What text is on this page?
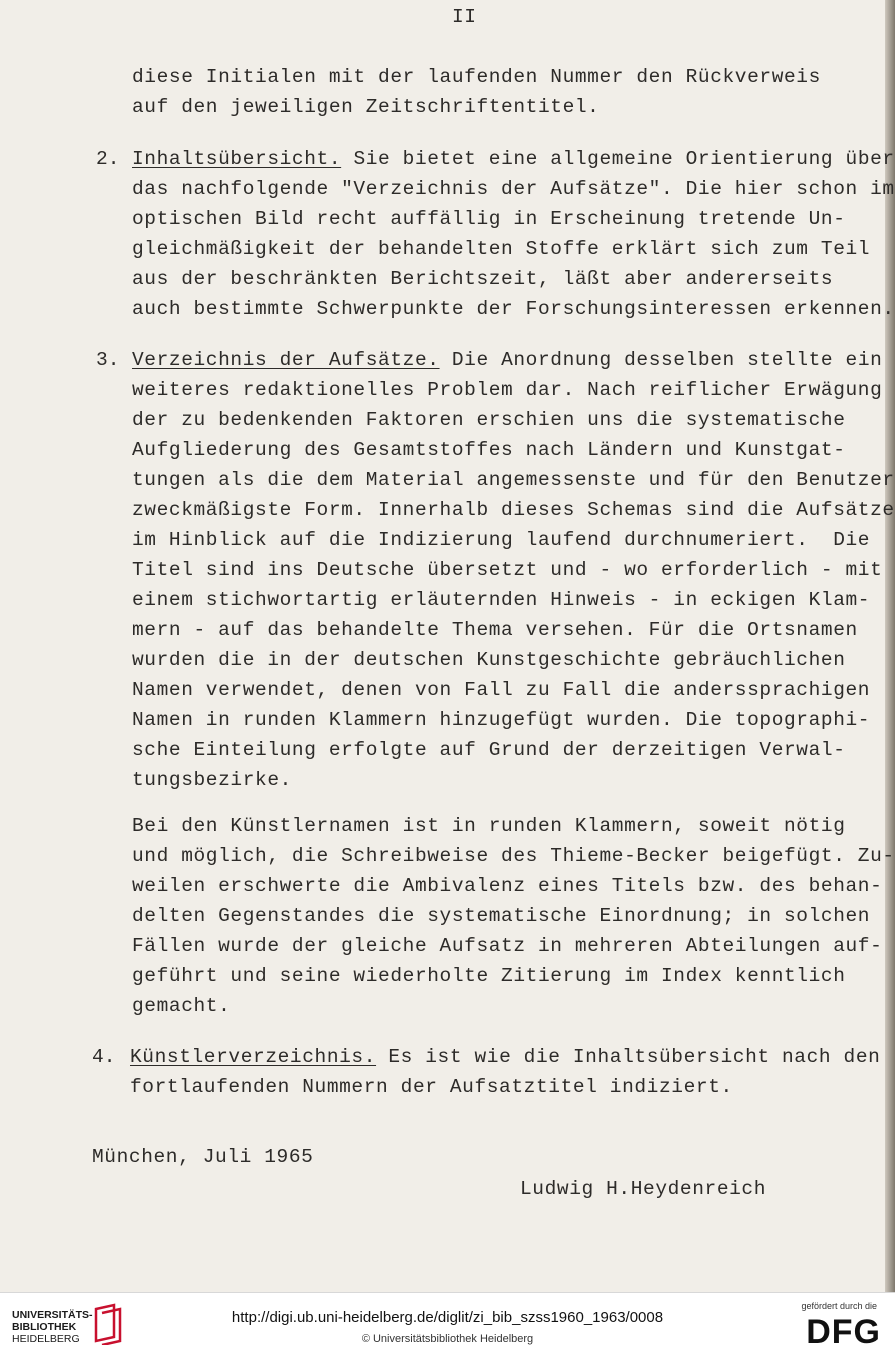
II
diese Initialen mit der laufenden Nummer den Rückverweis
auf den jeweiligen Zeitschriftentitel.
2. Inhaltsübersicht. Sie bietet eine allgemeine Orientierung über
das nachfolgende "Verzeichnis der Aufsätze". Die hier schon im
optischen Bild recht auffällig in Erscheinung tretende Un-
gleichmäßigkeit der behandelten Stoffe erklärt sich zum Teil
aus der beschränkten Berichtszeit, läßt aber andererseits
auch bestimmte Schwerpunkte der Forschungsinteressen erkennen.
3. Verzeichnis der Aufsätze. Die Anordnung desselben stellte ein
weiteres redaktionelles Problem dar. Nach reiflicher Erwägung
der zu bedenkenden Faktoren erschien uns die systematische
Aufgliederung des Gesamtstoffes nach Ländern und Kunstgat-
tungen als die dem Material angemessenste und für den Benutzer
zweckmäßigste Form. Innerhalb dieses Schemas sind die Aufsätze
im Hinblick auf die Indizierung laufend durchnumeriert.  Die
Titel sind ins Deutsche übersetzt und - wo erforderlich - mit
einem stichwortartig erläuternden Hinweis - in eckigen Klam-
mern - auf das behandelte Thema versehen. Für die Ortsnamen
wurden die in der deutschen Kunstgeschichte gebräuchlichen
Namen verwendet, denen von Fall zu Fall die anderssprachigen
Namen in runden Klammern hinzugefügt wurden. Die topographi-
sche Einteilung erfolgte auf Grund der derzeitigen Verwal-
tungsbezirke.
Bei den Künstlernamen ist in runden Klammern, soweit nötig
und möglich, die Schreibweise des Thieme-Becker beigefügt. Zu-
weilen erschwerte die Ambivalenz eines Titels bzw. des behan-
delten Gegenstandes die systematische Einordnung; in solchen
Fällen wurde der gleiche Aufsatz in mehreren Abteilungen auf-
geführt und seine wiederholte Zitierung im Index kenntlich
gemacht.
4. Künstlerverzeichnis. Es ist wie die Inhaltsübersicht nach den
fortlaufenden Nummern der Aufsatztitel indiziert.
München, Juli 1965
Ludwig H.Heydenreich
UNIVERSITÄTS-
BIBLIOTHEK
HEIDELBERG
http://digi.ub.uni-heidelberg.de/diglit/zi_bib_szss1960_1963/0008
© Universitätsbibliothek Heidelberg
gefördert durch die
DFG
